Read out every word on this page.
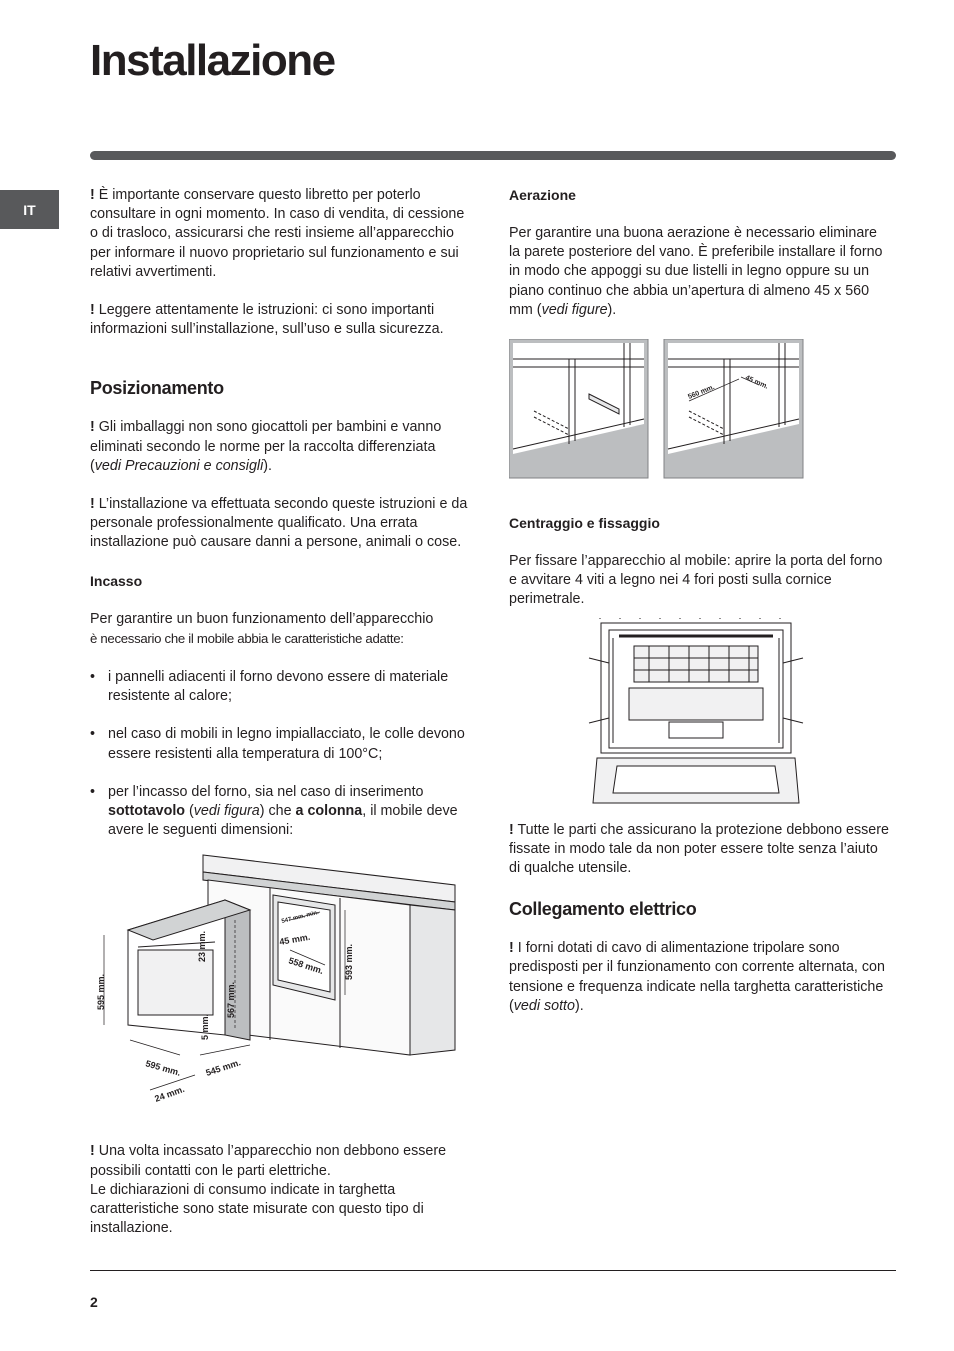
Installazione
IT

! È importante conservare questo libretto per poterlo consultare in ogni momento. In caso di vendita, di cessione o di trasloco, assicurarsi che resti insieme all’apparecchio per informare il nuovo proprietario sul funzionamento e sui relativi avvertimenti.

! Leggere attentamente le istruzioni: ci sono importanti informazioni sull’installazione, sull’uso e sulla sicurezza.

Posizionamento

! Gli imballaggi non sono giocattoli per bambini e vanno eliminati secondo le norme per la raccolta differenziata (vedi Precauzioni e consigli).

! L’installazione va effettuata secondo queste istruzioni e da personale professionalmente qualificato. Una errata installazione può causare danni a persone, animali o cose.

Incasso

Per garantire un buon funzionamento dell’apparecchio
è necessario che il mobile abbia le caratteristiche adatte:

• i pannelli adiacenti il forno devono essere di materiale resistente al calore;
• nel caso di mobili in legno impiallacciato, le colle devono essere resistenti alla temperatura di 100°C;
• per l’incasso del forno, sia nel caso di inserimento sottotavolo (vedi figura) che a colonna, il mobile deve avere le seguenti dimensioni:
547 mm. min.
45 mm.
558 mm. 593 mm.
23 mm.
595 mm.	567 mm.
5 mm.
595 mm.	545 mm.
24 mm.

! Una volta incassato l’apparecchio non debbono essere possibili contatti con le parti elettriche.
Le dichiarazioni di consumo indicate in targhetta caratteristiche sono state misurate con questo tipo di installazione.

Aerazione

Per garantire una buona aerazione è necessario eliminare la parete posteriore del vano. È preferibile installare il forno in modo che appoggi su due listelli in legno oppure su un piano continuo che abbia un’apertura di almeno 45 x 560 mm (vedi figure).

560 mm.
45 mm.
Centraggio e fissaggio

Per fissare l’apparecchio al mobile: aprire la porta del forno e avvitare 4 viti a legno nei 4 fori posti sulla cornice perimetrale.

! Tutte le parti che assicurano la protezione debbono essere fissate in modo tale da non poter essere tolte senza l’aiuto di qualche utensile.

Collegamento elettrico

! I forni dotati di cavo di alimentazione tripolare sono predisposti per il funzionamento con corrente alternata, con tensione e frequenza indicate nella targhetta caratteristiche (vedi sotto).

2
